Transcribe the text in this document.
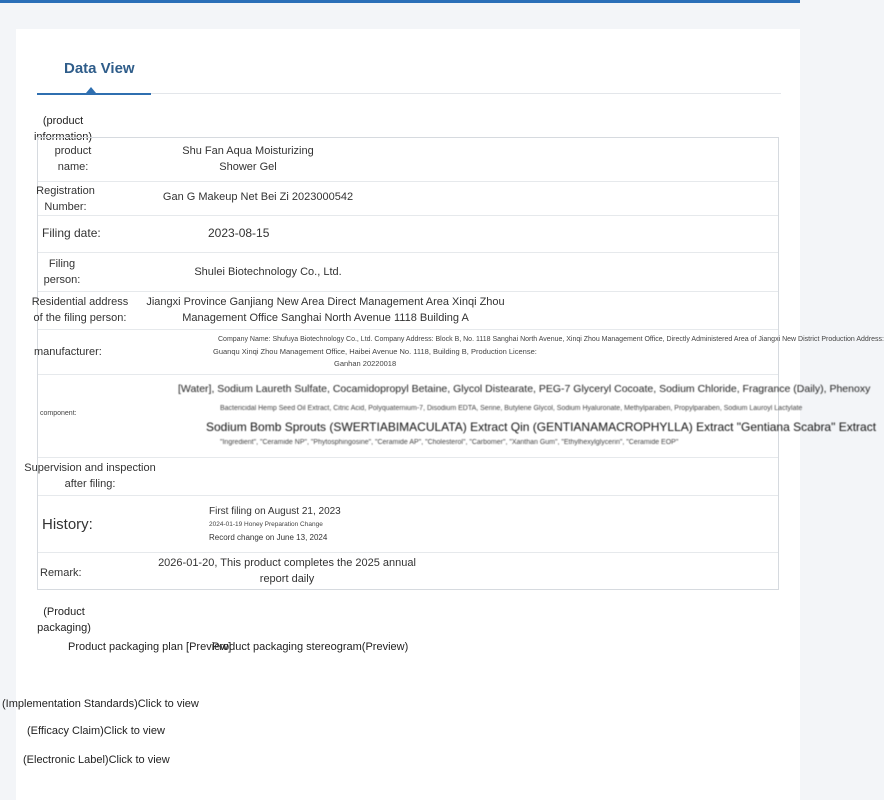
Data View
(product information)
product name:
Shu Fan Aqua Moisturizing Shower Gel
Registration Number:
Gan G Makeup Net Bei Zi 2023000542
Filing date:	2023-08-15
Filing person:
Shulei Biotechnology Co., Ltd.
Residential address of the filing person:
Jiangxi Province Ganjiang New Area Direct Management Area Xinqi Zhou Management Office Sanghai North Avenue 1118 Building A
manufacturer:
Company Name: Shufuya Biotechnology Co., Ltd. Company Address: Block B, No. 1118 Sanghai North Avenue, Xinqi Zhou Management Office, Directly Administered Area of Jiangxi New District Production Address:
Guanqu Xinqi Zhou Management Office, Haibei Avenue No. 1118, Building B, Production License:
Ganhan 20220018
component:
[Water], Sodium Laureth Sulfate, Cocamidopropyl Betaine, Glycol Distearate, PEG-7 Glyceryl Cocoate, Sodium Chloride, Fragrance (Daily), Phenoxy
Bactericidal Hemp Seed Oil Extract, Citric Acid, Polyquaternium-7, Disodium EDTA, Serine, Butylene Glycol, Sodium Hyaluronate, Methylparaben, Propylparaben, Sodium Lauroyl Lactylate
Sodium Bomb Sprouts (SWERTIABIMACULATA) Extract Qin (GENTIANAMACROPHYLLA) Extract "Gentiana Scabra" Extract
"Ingredient", "Ceramide NP", "Phytosphingosine", "Ceramide AP", "Cholesterol", "Carbomer", "Xanthan Gum", "Ethylhexylglycerin", "Ceramide EOP"
Supervision and inspection after filing:
History:
First filing on August 21, 2023
2024-01-19 Honey Preparation Change
Record change on June 13, 2024
Remark:
2026-01-20, This product completes the 2025 annual report daily
(Product packaging)
Product packaging plan [Preview]
Product packaging stereogram(Preview)
(Implementation Standards)Click to view
(Efficacy Claim)Click to view
(Electronic Label)Click to view
